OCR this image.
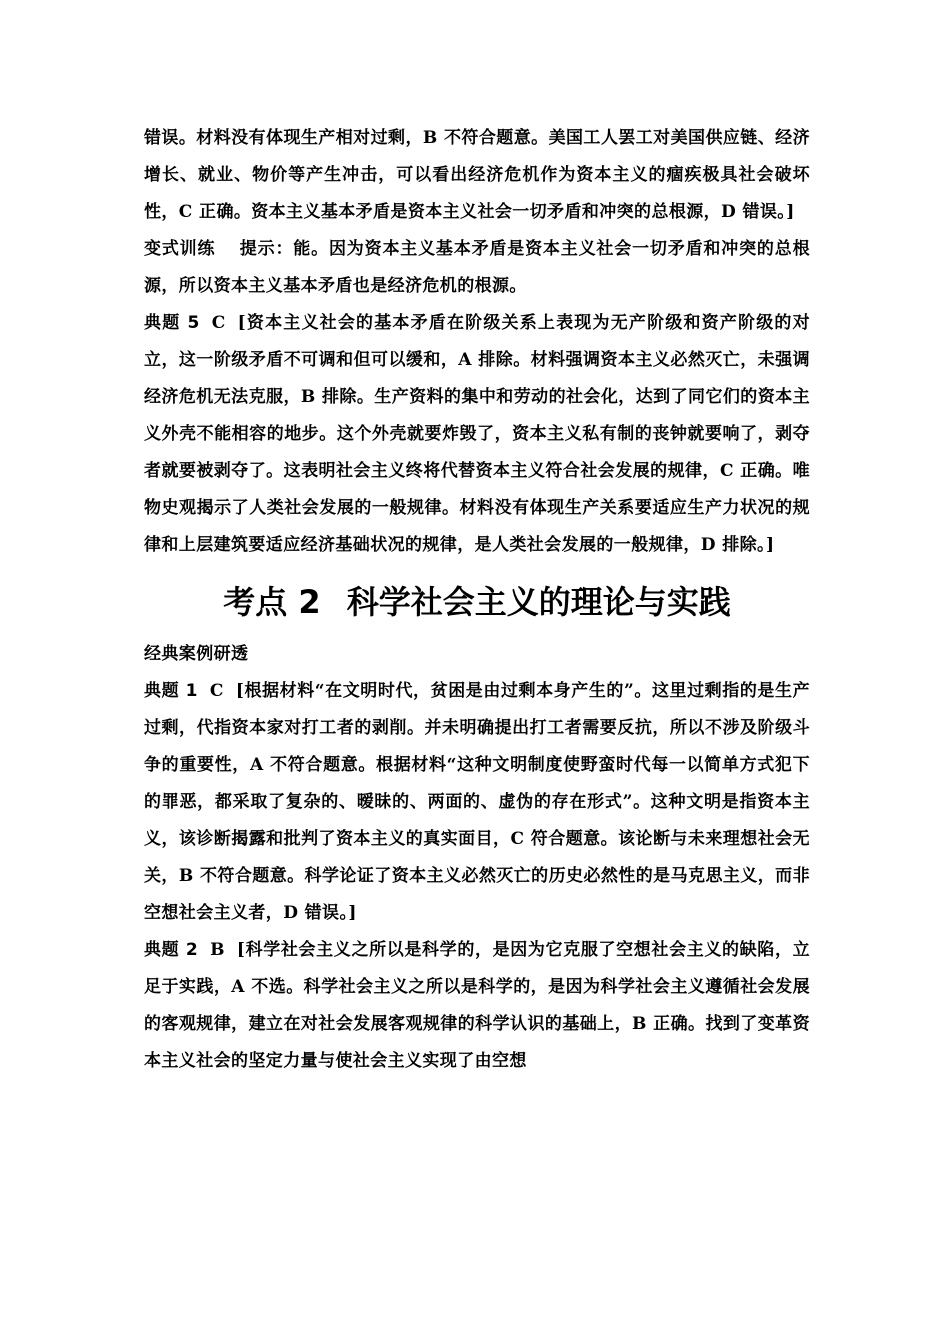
错误。材料没有体现生产相对过剩，B 不符合题意。美国工人罢工对美国供应链、经济增长、就业、物价等产生冲击，可以看出经济危机作为资本主义的痼疾极具社会破坏性，C 正确。资本主义基本矛盾是资本主义社会一切矛盾和冲突的总根源，D 错误。]

变式训练 提示：能。因为资本主义基本矛盾是资本主义社会一切矛盾和冲突的总根源，所以资本主义基本矛盾也是经济危机的根源。

典题 5 C [资本主义社会的基本矛盾在阶级关系上表现为无产阶级和资产阶级的对立，这一阶级矛盾不可调和但可以缓和，A 排除。材料强调资本主义必然灭亡，未强调经济危机无法克服，B 排除。生产资料的集中和劳动的社会化，达到了同它们的资本主义外壳不能相容的地步。这个外壳就要炸毁了，资本主义私有制的丧钟就要响了，剥夺者就要被剥夺了。这表明社会主义终将代替资本主义符合社会发展的规律，C 正确。唯物史观揭示了人类社会发展的一般规律。材料没有体现生产关系要适应生产力状况的规律和上层建筑要适应经济基础状况的规律，是人类社会发展的一般规律，D 排除。]

考点 2 科学社会主义的理论与实践

经典案例研透

典题 1 C [根据材料“在文明时代，贫困是由过剩本身产生的”。这里过剩指的是生产过剩，代指资本家对打工者的剥削。并未明确提出打工者需要反抗，所以不涉及阶级斗争的重要性，A 不符合题意。根据材料“这种文明制度使野蛮时代每一以简单方式犯下的罪恶，都采取了复杂的、暧昧的、两面的、虚伪的存在形式”。这种文明是指资本主义，该诊断揭露和批判了资本主义的真实面目，C 符合题意。该论断与未来理想社会无关，B 不符合题意。科学论证了资本主义必然灭亡的历史必然性的是马克思主义，而非空想社会主义者，D 错误。]

典题 2 B [科学社会主义之所以是科学的，是因为它克服了空想社会主义的缺陷，立足于实践，A 不选。科学社会主义之所以是科学的，是因为科学社会主义遵循社会发展的客观规律，建立在对社会发展客观规律的科学认识的基础上，B 正确。找到了变革资本主义社会的坚定力量与使社会主义实现了由空想
